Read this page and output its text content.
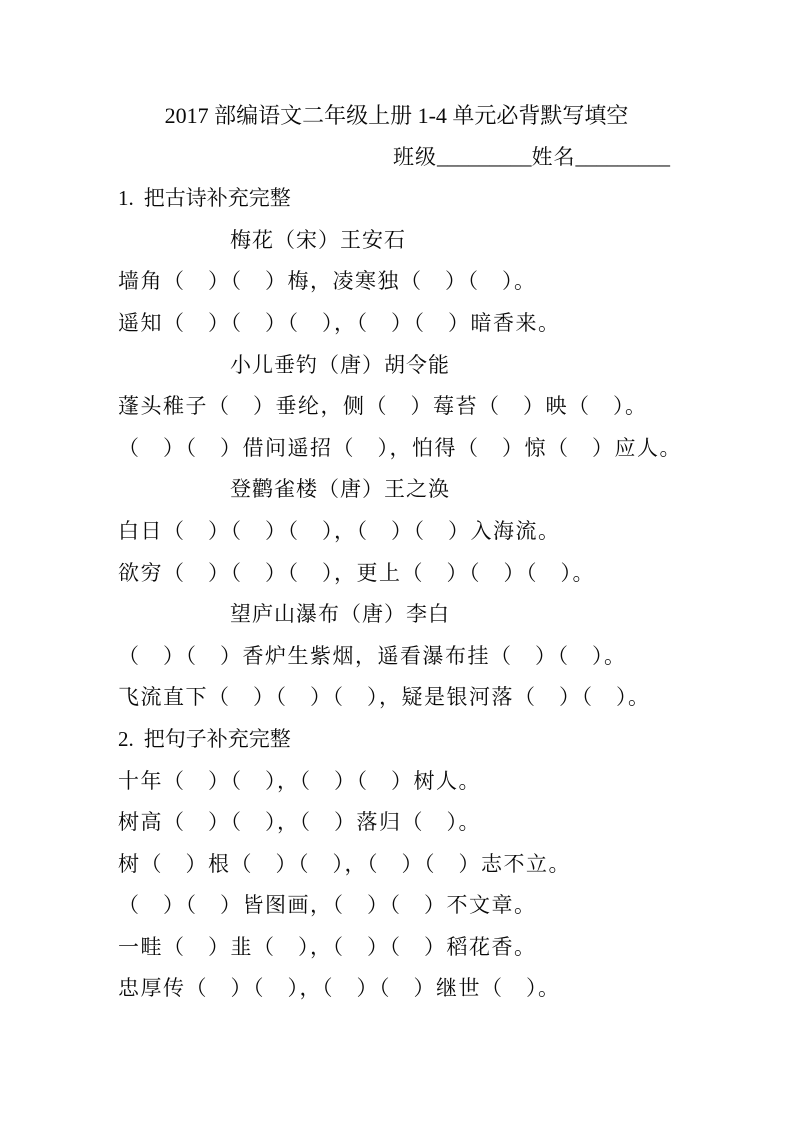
2017 部编语文二年级上册 1-4 单元必背默写填空

班级_________姓名_________

1. 把古诗补充完整

梅花（宋）王安石

墙角（　）（　）梅，凌寒独（　）（　）。

遥知（　）（　）（　），（　）（　）暗香来。

小儿垂钓（唐）胡令能

蓬头稚子（　）垂纶，侧（　）莓苔（　）映（　）。

（　）（　）借问遥招（　），怕得（　）惊（　）应人。

登鹳雀楼（唐）王之涣

白日（　）（　）（　），（　）（　）入海流。

欲穷（　）（　）（　），更上（　）（　）（　）。

望庐山瀑布（唐）李白

（　）（　）香炉生紫烟，遥看瀑布挂（　）（　）。

飞流直下（　）（　）（　），疑是银河落（　）（　）。

2. 把句子补充完整

十年（　）（　），（　）（　）树人。

树高（　）（　），（　）落归（　）。

树（　）根（　）（　），（　）（　）志不立。

（　）（　）皆图画，（　）（　）不文章。

一畦（　）韭（　），（　）（　）稻花香。

忠厚传（　）（　），（　）（　）继世（　）。
